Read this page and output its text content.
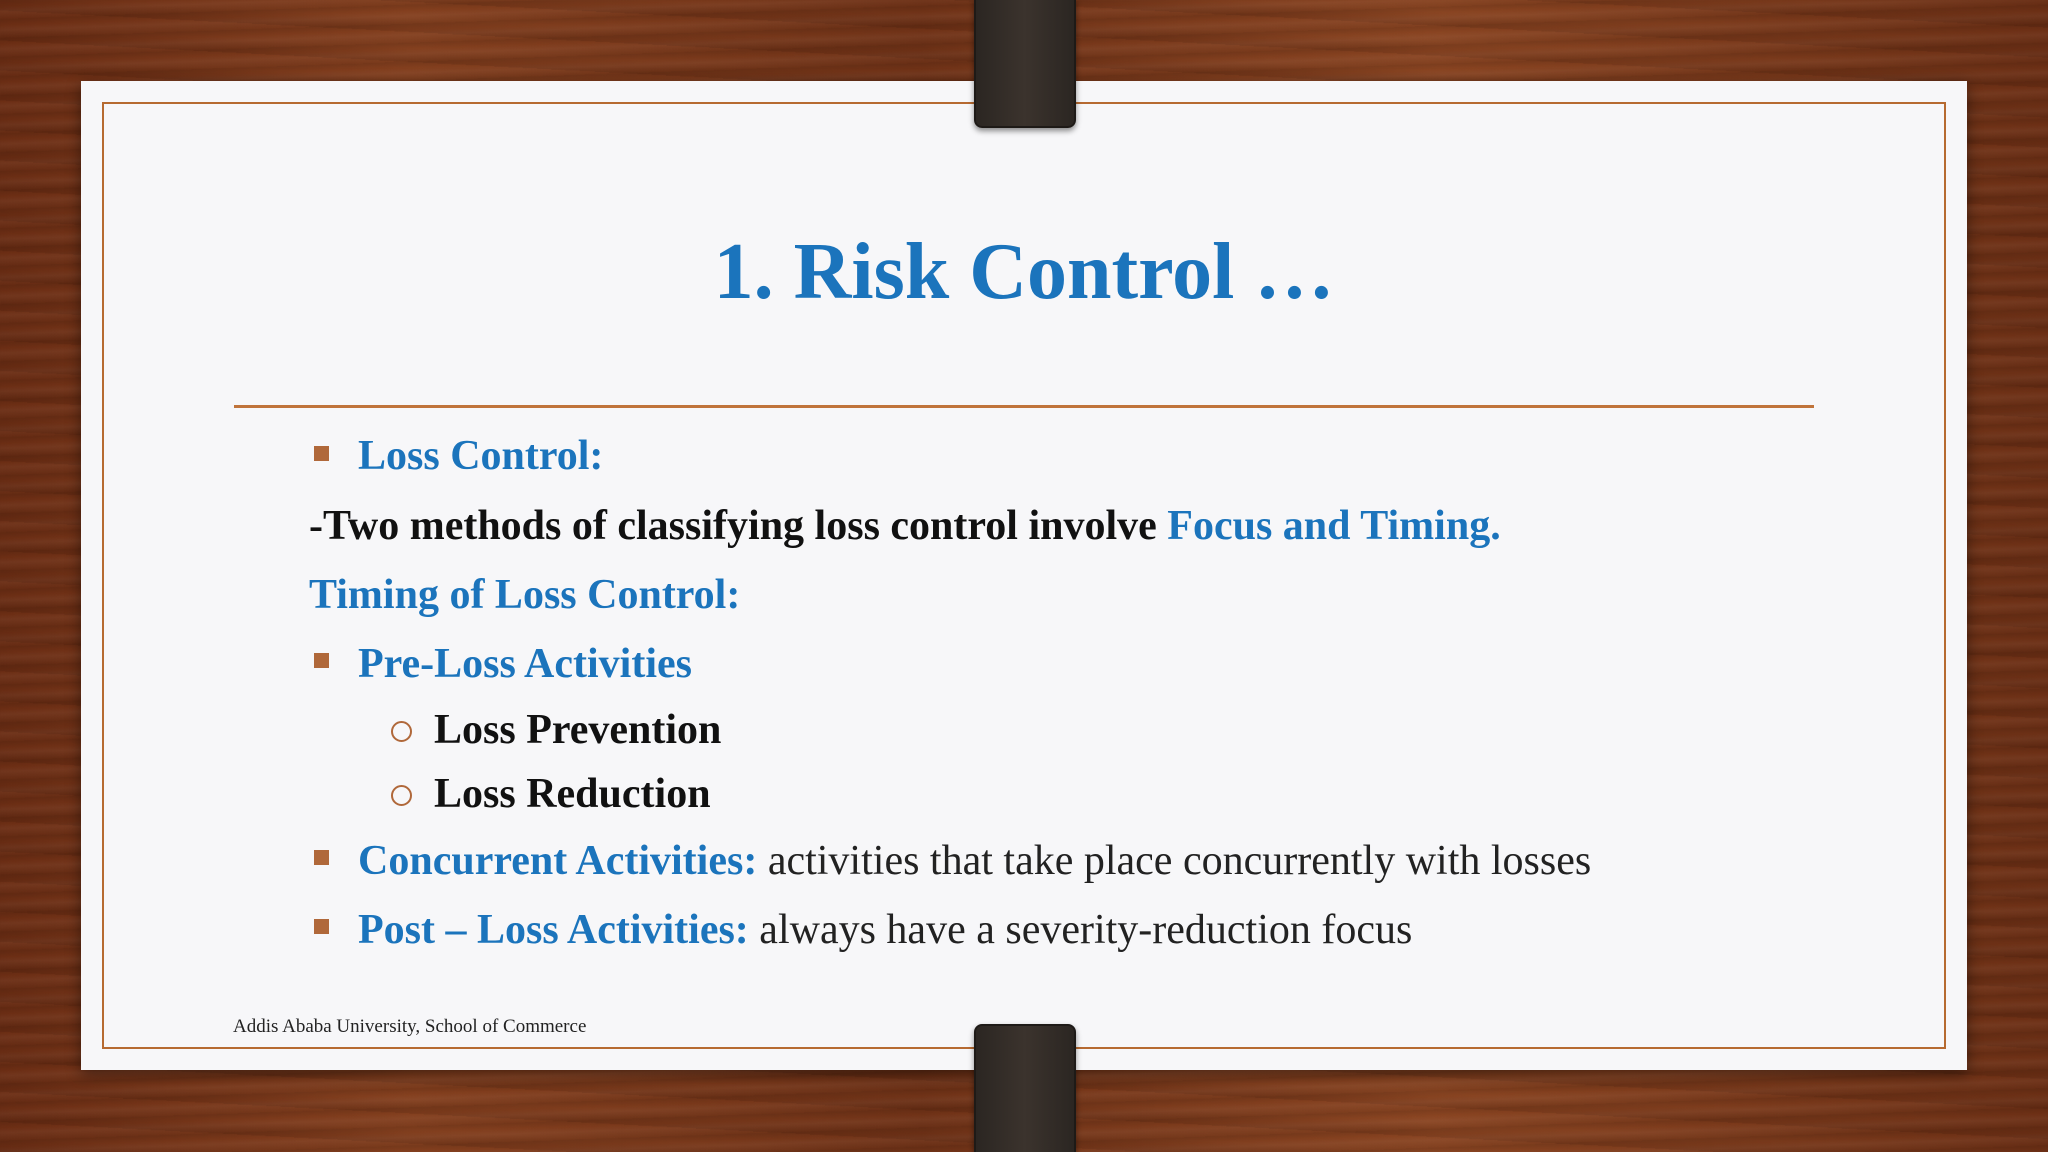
1. Risk Control …
Loss Control:
-Two methods of classifying loss control involve Focus and Timing.
Timing of Loss Control:
Pre-Loss Activities
Loss Prevention
Loss Reduction
Concurrent Activities: activities that take place concurrently with losses
Post – Loss Activities: always have a severity-reduction focus
Addis Ababa University, School of Commerce
